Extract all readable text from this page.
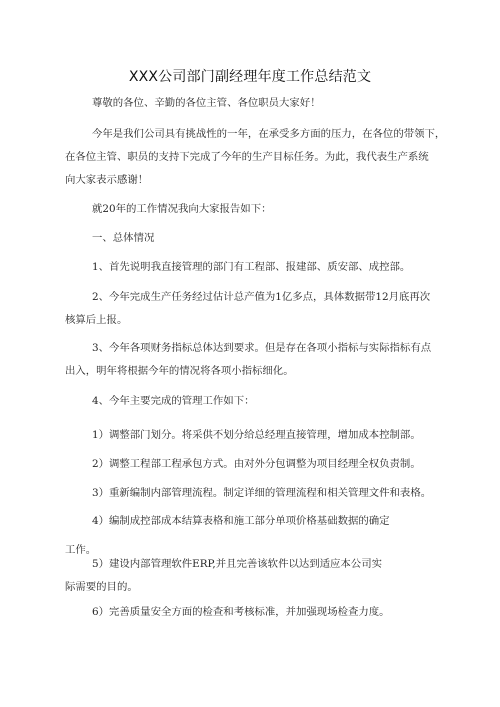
XXX公司部门副经理年度工作总结范文
尊敬的各位、辛勤的各位主管、各位职员大家好！
今年是我们公司具有挑战性的一年，在承受多方面的压力，在各位的带领下，
在各位主管、职员的支持下完成了今年的生产目标任务。为此，我代表生产系统
向大家表示感谢！
就20年的工作情况我向大家报告如下：
一、总体情况
1、首先说明我直接管理的部门有工程部、报建部、质安部、成控部。
2、今年完成生产任务经过估计总产值为1亿多点，具体数据带12月底再次
核算后上报。
3、今年各项财务指标总体达到要求。但是存在各项小指标与实际指标有点
出入，明年将根据今年的情况将各项小指标细化。
4、今年主要完成的管理工作如下：
1）调整部门划分。将采供不划分给总经理直接管理，增加成本控制部。
2）调整工程部工程承包方式。由对外分包调整为项目经理全权负责制。
3）重新编制内部管理流程。制定详细的管理流程和相关管理文件和表格。
4）编制成控部成本结算表格和施工部分单项价格基础数据的确定
工作。
5）建设内部管理软件ERP,并且完善该软件以达到适应本公司实
际需要的目的。
6）完善质量安全方面的检查和考核标准，并加强现场检查力度。
